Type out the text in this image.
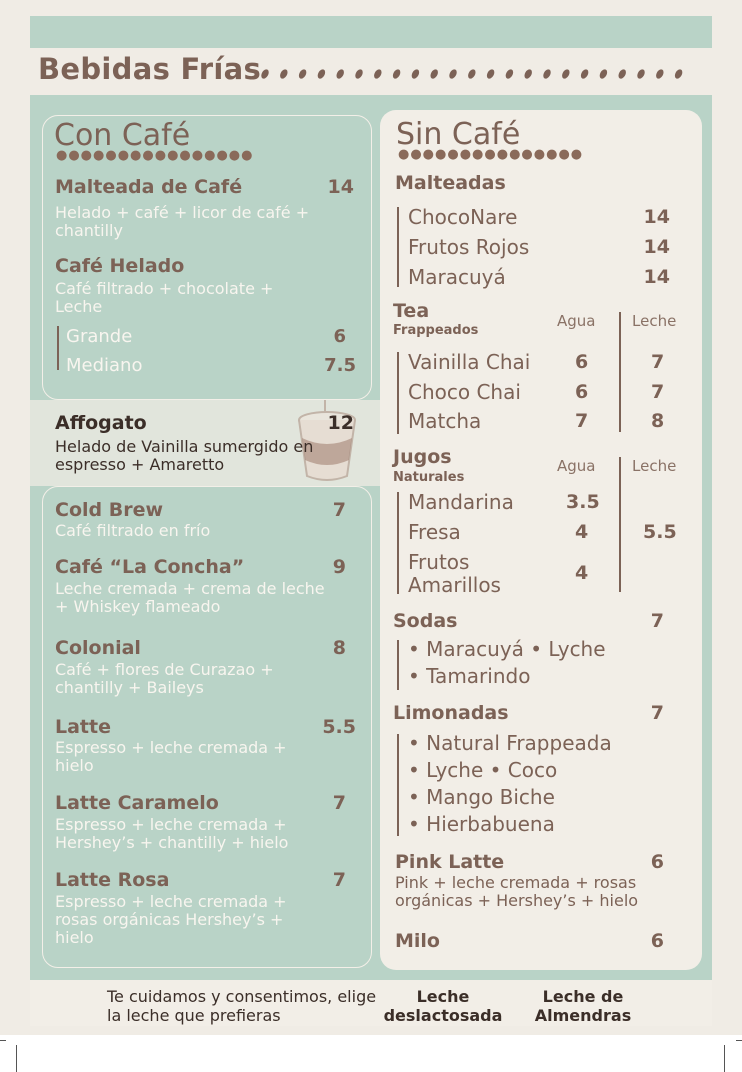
Bebidas Frías
Con Café
●●●●●●●●●●●●●●●●
Malteada de Café	14
Helado + café + licor de café + chantilly
Café Helado
Café filtrado + chocolate + Leche
Grande	6
Mediano	7.5
Affogato	12
Helado de Vainilla sumergido en espresso + Amaretto
Cold Brew	7
Café filtrado en frío
Café “La Concha”	9
Leche cremada + crema de leche + Whiskey flameado
Colonial	8
Café + flores de Curazao + chantilly + Baileys
Latte	5.5
Espresso + leche cremada + hielo
Latte Caramelo	7
Espresso + leche cremada + Hershey’s + chantilly + hielo
Latte Rosa	7
Espresso + leche cremada + rosas orgánicas Hershey’s + hielo
Sin Café
●●●●●●●●●●●●●●●
Malteadas
ChocoNare	14
Frutos Rojos	14
Maracuyá	14
Tea
Frappeados
Agua Leche
Vainilla Chai 6	7
Choco Chai	6	7
Matcha	7	8
Jugos
Naturales
Agua Leche
Mandarina	3.5
Fresa	4	5.5
Frutos
Amarillos	4
Sodas	7
• Maracuyá • Lyche
• Tamarindo
Limonadas	7
• Natural Frappeada
• Lyche • Coco
• Mango Biche
• Hierbabuena
Pink Latte	6
Pink + leche cremada + rosas orgánicas + Hershey’s + hielo
Milo	6
Te cuidamos y consentimos, elige la leche que prefieras
Leche deslactosada
Leche de Almendras
